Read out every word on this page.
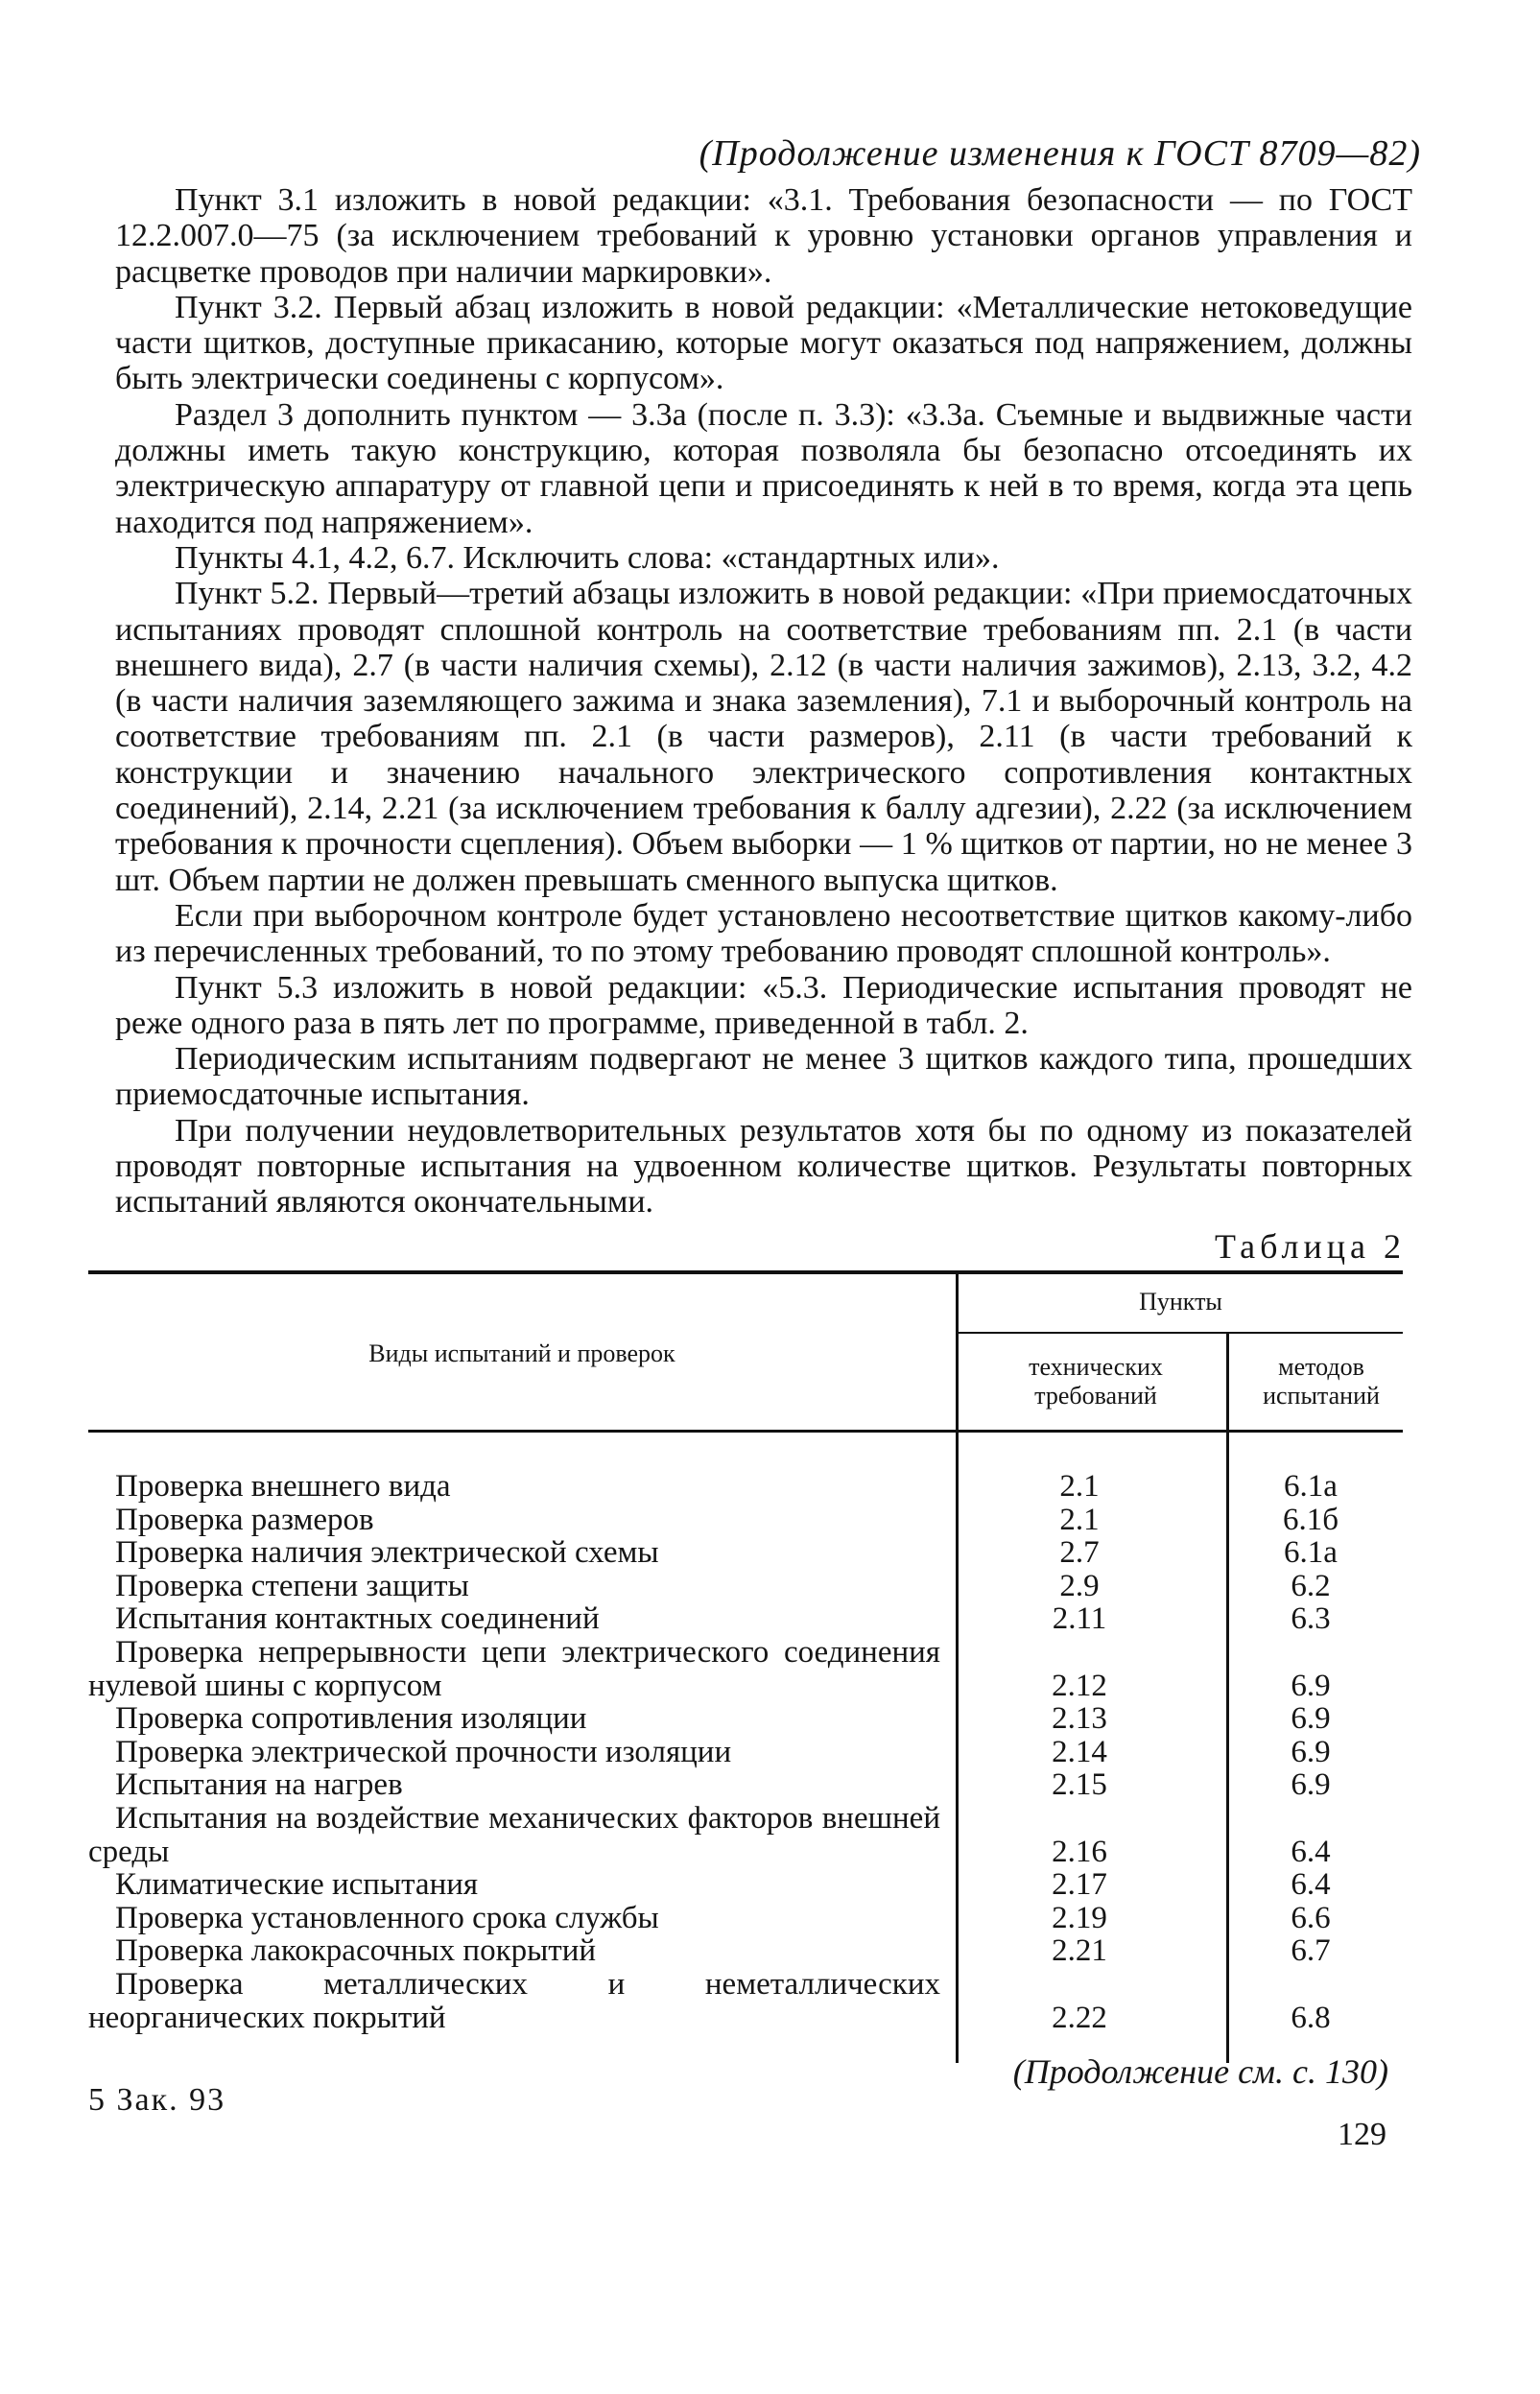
(Продолжение изменения к ГОСТ 8709—82)

Пункт 3.1 изложить в новой редакции: «3.1. Требования безопасности — по ГОСТ 12.2.007.0—75 (за исключением требований к уровню установки органов управления и расцветке проводов при наличии маркировки».

Пункт 3.2. Первый абзац изложить в новой редакции: «Металлические нетоковедущие части щитков, доступные прикасанию, которые могут оказаться под напряжением, должны быть электрически соединены с корпусом».

Раздел 3 дополнить пунктом — 3.3а (после п. 3.3): «3.3а. Съемные и выдвижные части должны иметь такую конструкцию, которая позволяла бы безопасно отсоединять их электрическую аппаратуру от главной цепи и присоединять к ней в то время, когда эта цепь находится под напряжением».

Пункты 4.1, 4.2, 6.7. Исключить слова: «стандартных или».

Пункт 5.2. Первый—третий абзацы изложить в новой редакции: «При приемосдаточных испытаниях проводят сплошной контроль на соответствие требованиям пп. 2.1 (в части внешнего вида), 2.7 (в части наличия схемы), 2.12 (в части наличия зажимов), 2.13, 3.2, 4.2 (в части наличия заземляющего зажима и знака заземления), 7.1 и выборочный контроль на соответствие требованиям пп. 2.1 (в части размеров), 2.11 (в части требований к конструкции и значению начального электрического сопротивления контактных соединений), 2.14, 2.21 (за исключением требования к баллу адгезии), 2.22 (за исключением требования к прочности сцепления). Объем выборки — 1 % щитков от партии, но не менее 3 шт. Объем партии не должен превышать сменного выпуска щитков.

Если при выборочном контроле будет установлено несоответствие щитков какому-либо из перечисленных требований, то по этому требованию проводят сплошной контроль».

Пункт 5.3 изложить в новой редакции: «5.3. Периодические испытания проводят не реже одного раза в пять лет по программе, приведенной в табл. 2.

Периодическим испытаниям подвергают не менее 3 щитков каждого типа, прошедших приемосдаточные испытания.

При получении неудовлетворительных результатов хотя бы по одному из показателей проводят повторные испытания на удвоенном количестве щитков. Результаты повторных испытаний являются окончательными.

Таблица 2
Виды испытаний и проверок
Пункты
технических требований
методов испытаний
Проверка внешнего вида	2.1	6.1а
Проверка размеров	2.1	6.1б
Проверка наличия электрической схемы	2.7	6.1а
Проверка степени защиты	2.9	6.2
Испытания контактных соединений	2.11	6.3
Проверка непрерывности цепи электрического соединения нулевой шины с корпусом	2.12	6.9
Проверка сопротивления изоляции	2.13	6.9
Проверка электрической прочности изоляции	2.14	6.9
Испытания на нагрев	2.15	6.9
Испытания на воздействие механических факторов внешней среды	2.16	6.4
Климатические испытания	2.17	6.4
Проверка установленного срока службы	2.19	6.6
Проверка лакокрасочных покрытий	2.21	6.7
Проверка металлических и неметаллических неорганических покрытий	2.22	6.8
(Продолжение см. с. 130)
5 Зак. 93
129
